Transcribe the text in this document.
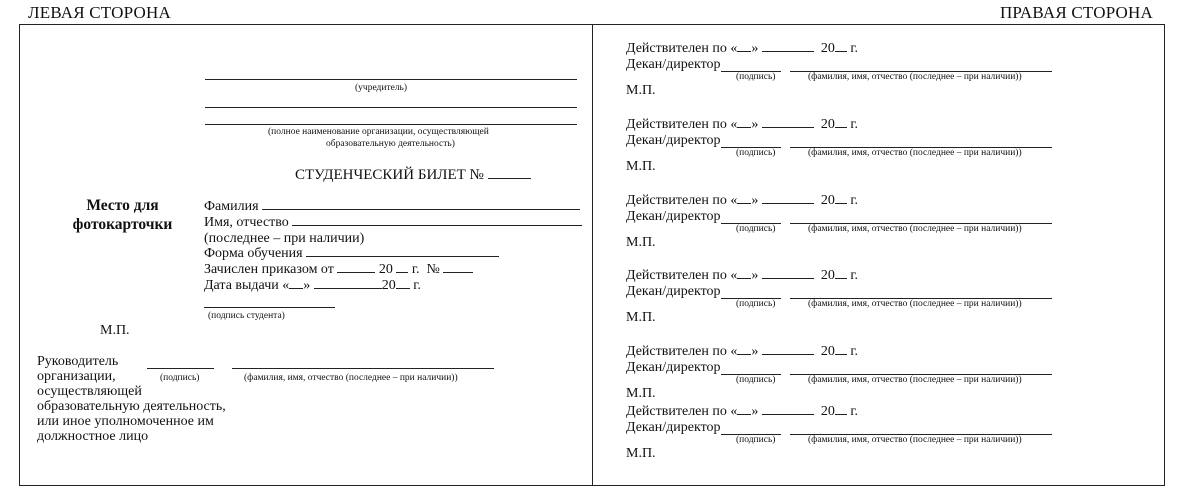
ЛЕВАЯ СТОРОНА	ПРАВАЯ СТОРОНА
(учредитель)
(полное наименование организации, осуществляющей
образовательную деятельность)
СТУДЕНЧЕСКИЙ БИЛЕТ №
Место для
фотокарточки
Фамилия
Имя, отчество
(последнее – при наличии)
Форма обучения
Зачислен приказом от	20 г. №
Дата выдачи « »	20 г.
(подпись студента)
М.П.
Руководитель
организации,
осуществляющей
образовательную деятельность,
или иное уполномоченное им
должностное лицо
(подпись)	(фамилия, имя, отчество (последнее – при наличии))
Действителен по « »	20 г.
Декан/директор
(подпись)	(фамилия, имя, отчество (последнее – при наличии))
М.П.
Действителен по « »	20 г.
Декан/директор
(подпись)	(фамилия, имя, отчество (последнее – при наличии))
М.П.
Действителен по « »	20 г.
Декан/директор
(подпись)	(фамилия, имя, отчество (последнее – при наличии))
М.П.
Действителен по « »	20 г.
Декан/директор
(подпись)	(фамилия, имя, отчество (последнее – при наличии))
М.П.
Действителен по « »	20 г.
Декан/директор
(подпись)	(фамилия, имя, отчество (последнее – при наличии))
М.П.
Действителен по « »	20 г.
Декан/директор
(подпись)	(фамилия, имя, отчество (последнее – при наличии))
М.П.
